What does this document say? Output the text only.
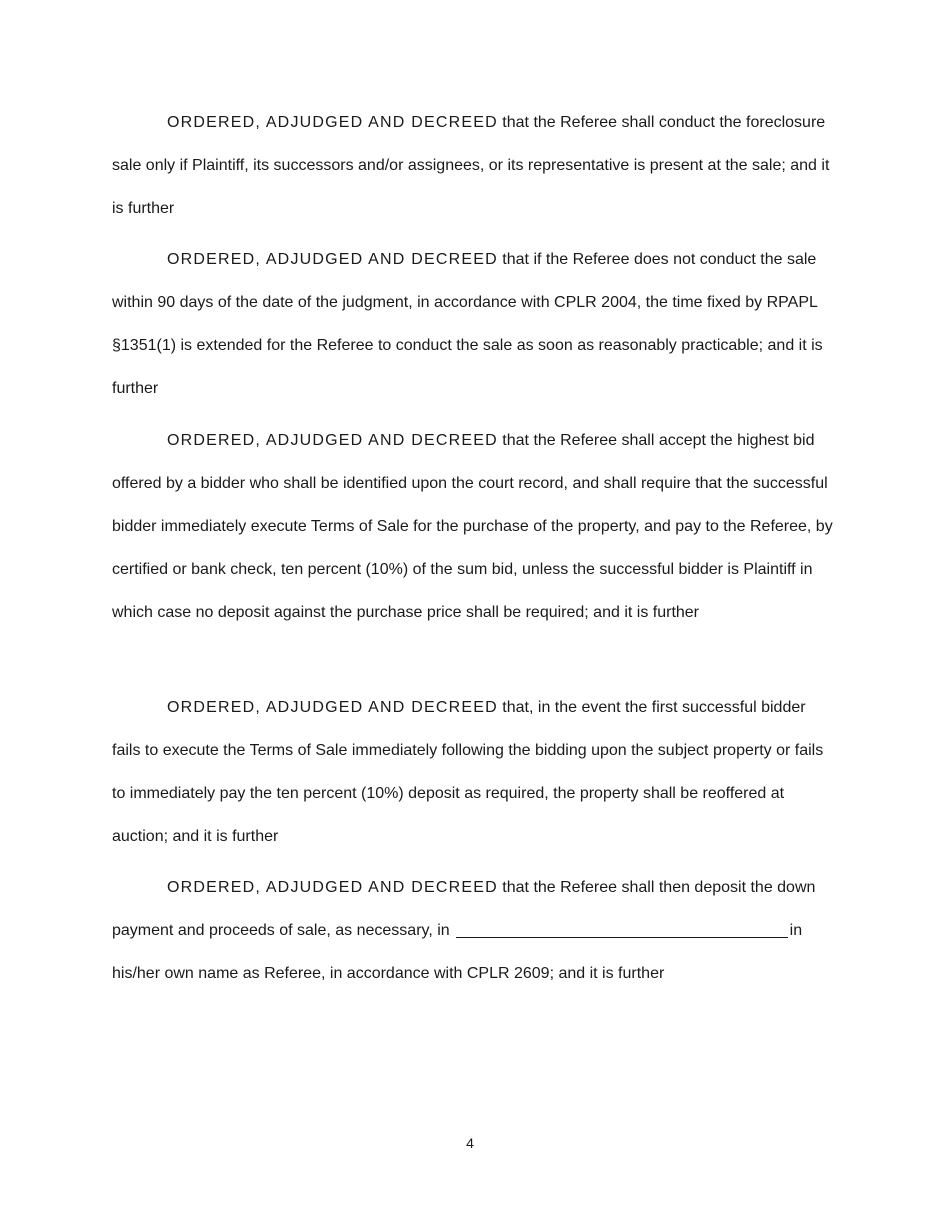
ORDERED, ADJUDGED AND DECREED that the Referee shall conduct the foreclosure sale only if Plaintiff, its successors and/or assignees, or its representative is present at the sale; and it is further

ORDERED, ADJUDGED AND DECREED that if the Referee does not conduct the sale within 90 days of the date of the judgment, in accordance with CPLR 2004, the time fixed by RPAPL §1351(1) is extended for the Referee to conduct the sale as soon as reasonably practicable; and it is further

ORDERED, ADJUDGED AND DECREED that the Referee shall accept the highest bid offered by a bidder who shall be identified upon the court record, and shall require that the successful bidder immediately execute Terms of Sale for the purchase of the property, and pay to the Referee, by certified or bank check, ten percent (10%) of the sum bid, unless the successful bidder is Plaintiff in which case no deposit against the purchase price shall be required; and it is further

ORDERED, ADJUDGED AND DECREED that, in the event the first successful bidder fails to execute the Terms of Sale immediately following the bidding upon the subject property or fails to immediately pay the ten percent (10%) deposit as required, the property shall be reoffered at auction; and it is further

ORDERED, ADJUDGED AND DECREED that the Referee shall then deposit the down payment and proceeds of sale, as necessary, in	in his/her own name as Referee, in accordance with CPLR 2609; and it is further

4
